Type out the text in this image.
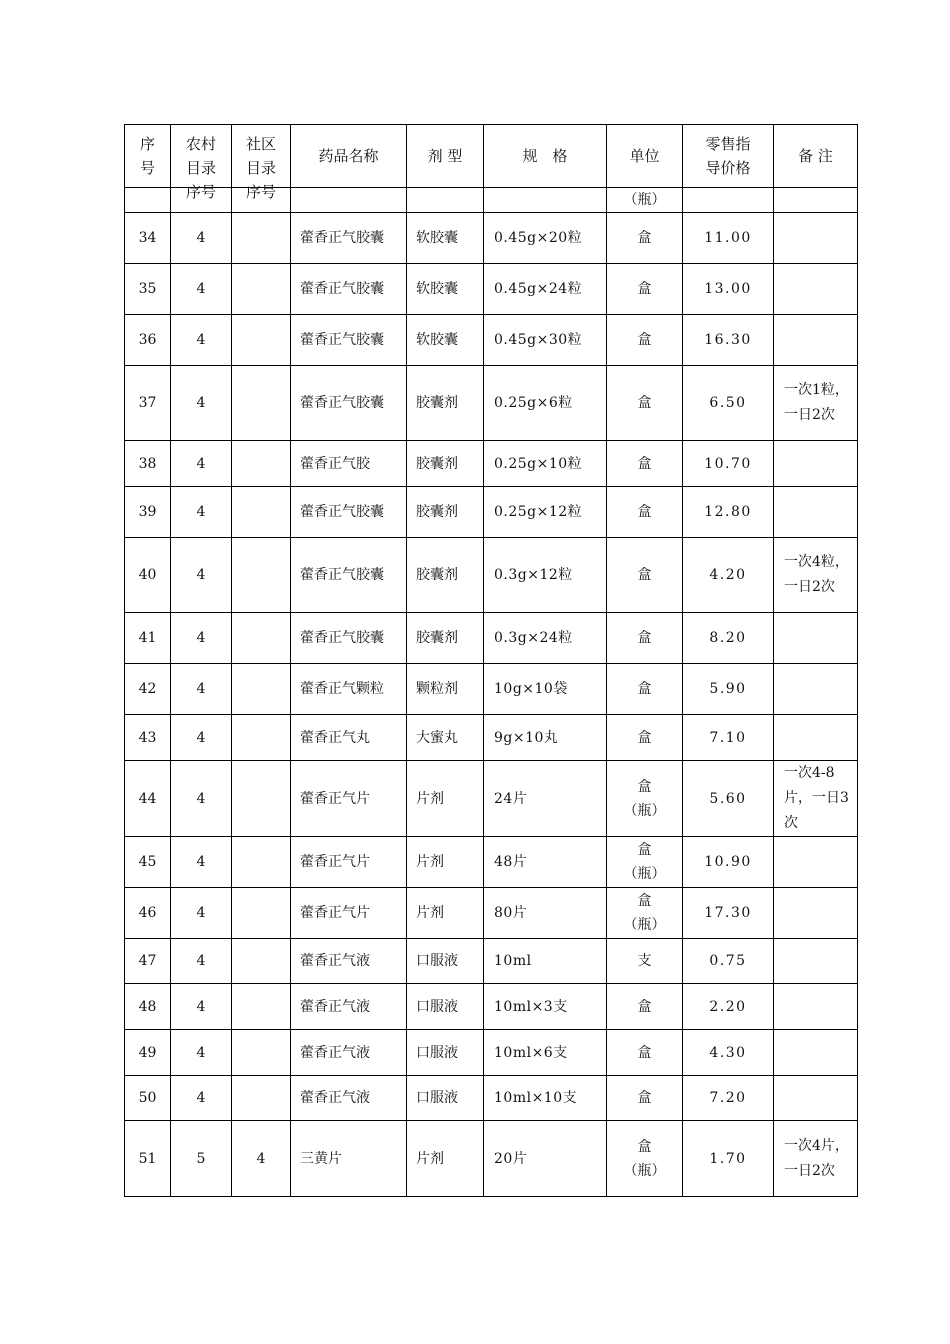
序号	农村目录序号	社区目录序号	药品名称	剂 型	规　格	单位	零售指导价格	备 注
						（瓶）		
34	4		藿香正气胶囊	软胶囊	0.45g×20粒	盒	11.00	
35	4		藿香正气胶囊	软胶囊	0.45g×24粒	盒	13.00	
36	4		藿香正气胶囊	软胶囊	0.45g×30粒	盒	16.30	
37	4		藿香正气胶囊	胶囊剂	0.25g×6粒	盒	6.50	一次1粒，一日2次
38	4		藿香正气胶	胶囊剂	0.25g×10粒	盒	10.70	
39	4		藿香正气胶囊	胶囊剂	0.25g×12粒	盒	12.80	
40	4		藿香正气胶囊	胶囊剂	0.3g×12粒	盒	4.20	一次4粒，一日2次
41	4		藿香正气胶囊	胶囊剂	0.3g×24粒	盒	8.20	
42	4		藿香正气颗粒	颗粒剂	10g×10袋	盒	5.90	
43	4		藿香正气丸	大蜜丸	9g×10丸	盒	7.10	
44	4		藿香正气片	片剂	24片	盒（瓶）	5.60	一次4-8片，一日3次
45	4		藿香正气片	片剂	48片	盒（瓶）	10.90	
46	4		藿香正气片	片剂	80片	盒（瓶）	17.30	
47	4		藿香正气液	口服液	10ml	支	0.75	
48	4		藿香正气液	口服液	10ml×3支	盒	2.20	
49	4		藿香正气液	口服液	10ml×6支	盒	4.30	
50	4		藿香正气液	口服液	10ml×10支	盒	7.20	
51	5	4	三黄片	片剂	20片	盒（瓶）	1.70	一次4片，一日2次
